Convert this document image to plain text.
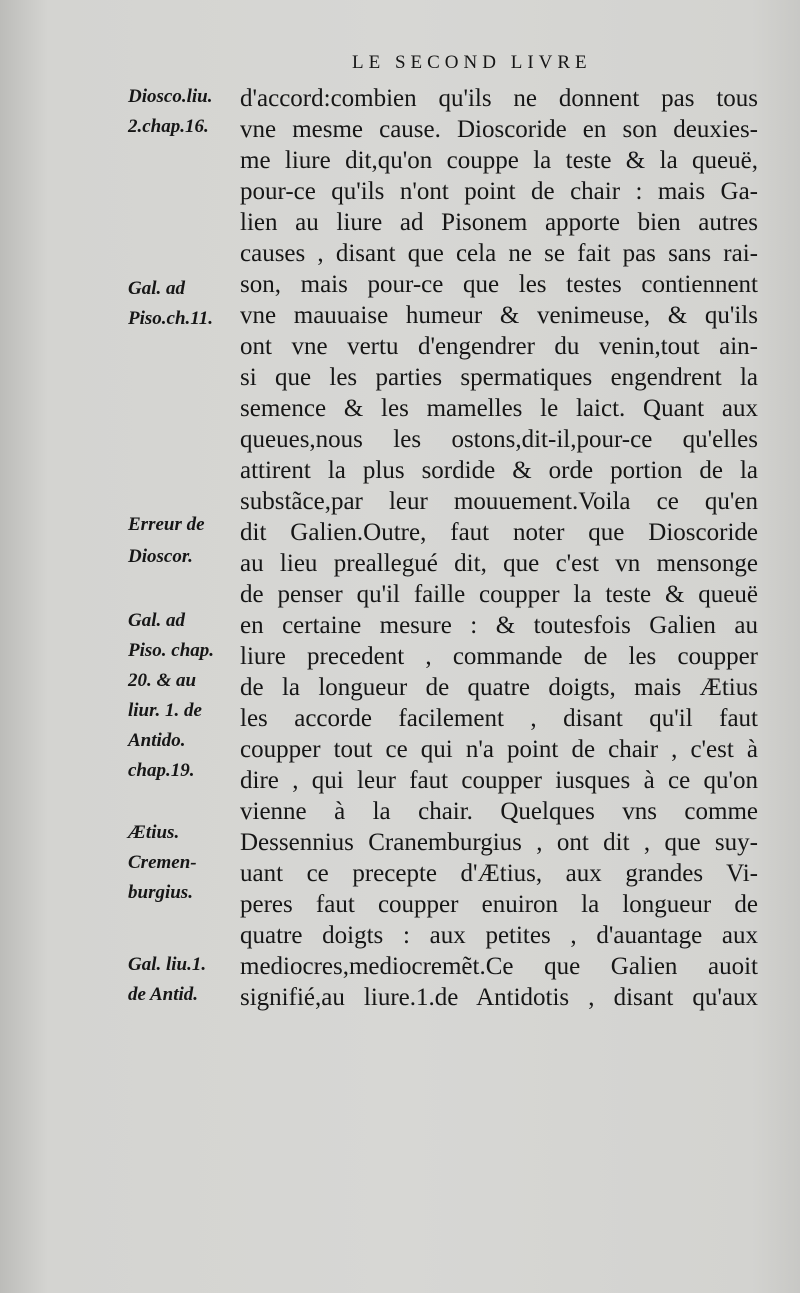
LE SECOND LIVRE
Diosco.liu.
2.chap.16.
Gal. ad
Piso.ch.11.
Erreur de
Dioscor.
Gal. ad
Piso. chap.
20. & au
liur. 1. de
Antido.
chap.19.
Ætius.
Cremen-
burgius.
Gal. liu.1.
de Antid.
d'accord:combien qu'ils ne donnent pas tous
vne mesme cause. Dioscoride en son deuxies-
me liure dit,qu'on couppe la teste & la queuë,
pour-ce qu'ils n'ont point de chair : mais Ga-
lien au liure ad Pisonem apporte bien autres
causes , disant que cela ne se fait pas sans rai-
son, mais pour-ce que les testes contiennent
vne mauuaise humeur & venimeuse, & qu'ils
ont vne vertu d'engendrer du venin,tout ain-
si que les parties spermatiques engendrent la
semence & les mamelles le laict. Quant aux
queues,nous les ostons,dit-il,pour-ce qu'elles
attirent la plus sordide & orde portion de la
substãce,par leur mouuement.Voila ce qu'en
dit Galien.Outre, faut noter que Dioscoride
au lieu preallegué dit, que c'est vn mensonge
de penser qu'il faille coupper la teste & queuë
en certaine mesure : & toutesfois Galien au
liure precedent , commande de les coupper
de la longueur de quatre doigts, mais Ætius
les accorde facilement , disant qu'il faut
coupper tout ce qui n'a point de chair , c'est à
dire , qui leur faut coupper iusques à ce qu'on
vienne à la chair. Quelques vns comme
Dessennius Cranemburgius , ont dit , que suy-
uant ce precepte d'Ætius, aux grandes Vi-
peres faut coupper enuiron la longueur de
quatre doigts : aux petites , d'auantage aux
mediocres,mediocremẽt.Ce que Galien auoit
signifié,au liure.1.de Antidotis , disant qu'aux
